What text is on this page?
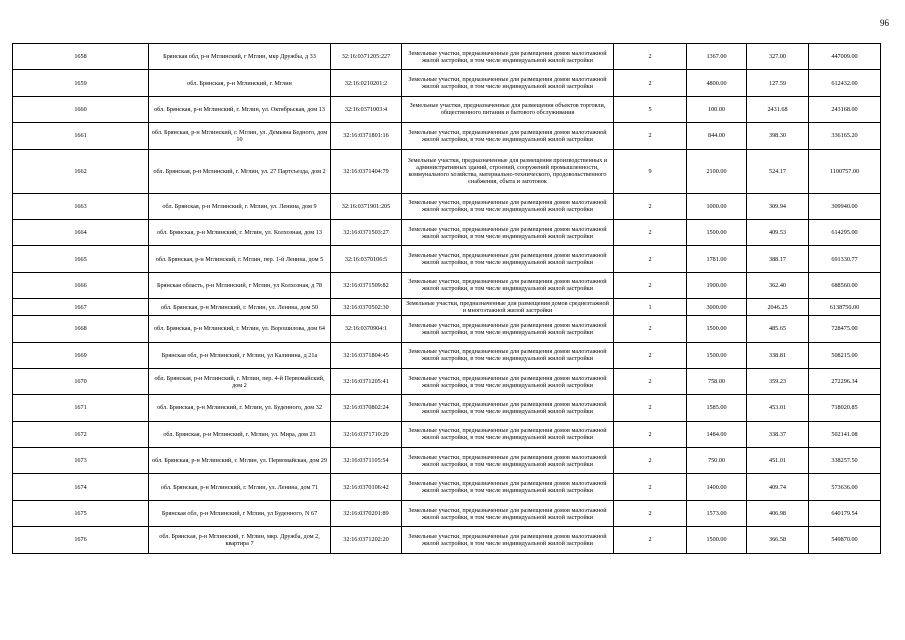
96
1658	Брянская обл, р-н Мглинский, г Мглин, мкр Дружбы, д 33	32:16:0371205:227	Земельные участки, предназначенные для размещения домов малоэтажной жилой застройки, в том числе индивидуальной жилой застройки	2	1367.00	327.00	447009.00
1659	обл. Брянская, р-н Мглинский, г. Мглин	32:16:0210201:2	Земельные участки, предназначенные для размещения домов малоэтажной жилой застройки, в том числе индивидуальной жилой застройки	2	4800.00	127.59	612432.00
1660	обл. Брянская, р-н Мглинский, г. Мглин, ул. Октябрьская, дом 13	32:16:0371003:4	Земельные участки, предназначенные для размещения объектов торговли, общественного питания и бытового обслуживания	5	100.00	2431.68	243168.00
1661	обл. Брянская, р-н Мглинский, г. Мглин, ул. Демьяна Бедного, дом 10	32:16:0371801:16	Земельные участки, предназначенные для размещения домов малоэтажной жилой застройки, в том числе индивидуальной жилой застройки	2	844.00	398.30	336165.20
1662	обл. Брянская, р-н Мглинский, г. Мглин, ул. 27 Партсъезда, дом 2	32:16:0371404:79	Земельные участки, предназначенные для размещения производственных и административных зданий, строений, сооружений промышленности, коммунального хозяйства, материально-технического, продовольственного снабжения, сбыта и заготовок	9	2100.00	524.17	1100757.00
1663	обл. Брянская, р-н Мглинский, г. Мглин, ул. Ленина, дом 9	32:16:0371901:205	Земельные участки, предназначенные для размещения домов малоэтажной жилой застройки, в том числе индивидуальной жилой застройки	2	1000.00	309.94	309940.00
1664	обл. Брянская, р-н Мглинский, г. Мглин, ул. Колхозная, дом 13	32:16:0371503:27	Земельные участки, предназначенные для размещения домов малоэтажной жилой застройки, в том числе индивидуальной жилой застройки	2	1500.00	409.53	614295.00
1665	обл. Брянская, р-н Мглинский, г. Мглин, пер. 1-й Ленина, дом 5	32:16:0370106:5	Земельные участки, предназначенные для размещения домов малоэтажной жилой застройки, в том числе индивидуальной жилой застройки	2	1781.00	388.17	691330.77
1666	Брянская область, р-н Мглинский, г Мглин, ул Колхозная, д 78	32:16:0371509:82	Земельные участки, предназначенные для размещения домов малоэтажной жилой застройки, в том числе индивидуальной жилой застройки	2	1900.00	362.40	688560.00
1667	обл. Брянская, р-н Мглинский, г. Мглин, ул. Ленина, дом 50	32:16:0370502:30	Земельные участки, предназначенные для размещения домов среднеэтажной и многоэтажной жилой застройки	1	3000.00	2046.25	6138750.00
1668	обл. Брянская, р-н Мглинский, г. Мглин, ул. Ворошилова, дом 64	32:16:0370904:1	Земельные участки, предназначенные для размещения домов малоэтажной жилой застройки, в том числе индивидуальной жилой застройки	2	1500.00	485.65	728475.00
1669	Брянская обл, р-н Мглинский, г Мглин, ул Калинина, д 21а	32:16:0371804:45	Земельные участки, предназначенные для размещения домов малоэтажной жилой застройки, в том числе индивидуальной жилой застройки	2	1500.00	338.81	508215.00
1670	обл. Брянская, р-н Мглинский, г. Мглин, пер. 4-й Первомайский, дом 2	32:16:0371205:41	Земельные участки, предназначенные для размещения домов малоэтажной жилой застройки, в том числе индивидуальной жилой застройки	2	758.00	359.23	272296.34
1671	обл. Брянская, р-н Мглинский, г. Мглин, ул. Буденного, дом 32	32:16:0370802:24	Земельные участки, предназначенные для размещения домов малоэтажной жилой застройки, в том числе индивидуальной жилой застройки	2	1585.00	453.01	718020.85
1672	обл. Брянская, р-н Мглинский, г. Мглин, ул. Мира, дом 23	32:16:0371710:29	Земельные участки, предназначенные для размещения домов малоэтажной жилой застройки, в том числе индивидуальной жилой застройки	2	1484.00	338.37	502141.08
1673	обл. Брянская, р-н Мглинский, г. Мглин, ул. Первомайская, дом 29	32:16:0371105:54	Земельные участки, предназначенные для размещения домов малоэтажной жилой застройки, в том числе индивидуальной жилой застройки	2	750.00	451.01	338257.50
1674	обл. Брянская, р-н Мглинский, г. Мглин, ул. Ленина, дом 71	32:16:0370106:42	Земельные участки, предназначенные для размещения домов малоэтажной жилой застройки, в том числе индивидуальной жилой застройки	2	1400.00	409.74	573636.00
1675	Брянская обл, р-н Мглинский, г Мглин, ул Буденного, N 67	32:16:0370201:89	Земельные участки, предназначенные для размещения домов малоэтажной жилой застройки, в том числе индивидуальной жилой застройки	2	1573.00	406.98	640179.54
1676	обл. Брянская, р-н Мглинский, г. Мглин, мкр. Дружба, дом 2, квартира 7	32:16:0371202:20	Земельные участки, предназначенные для размещения домов малоэтажной жилой застройки, в том числе индивидуальной жилой застройки	2	1500.00	366.58	549870.00
